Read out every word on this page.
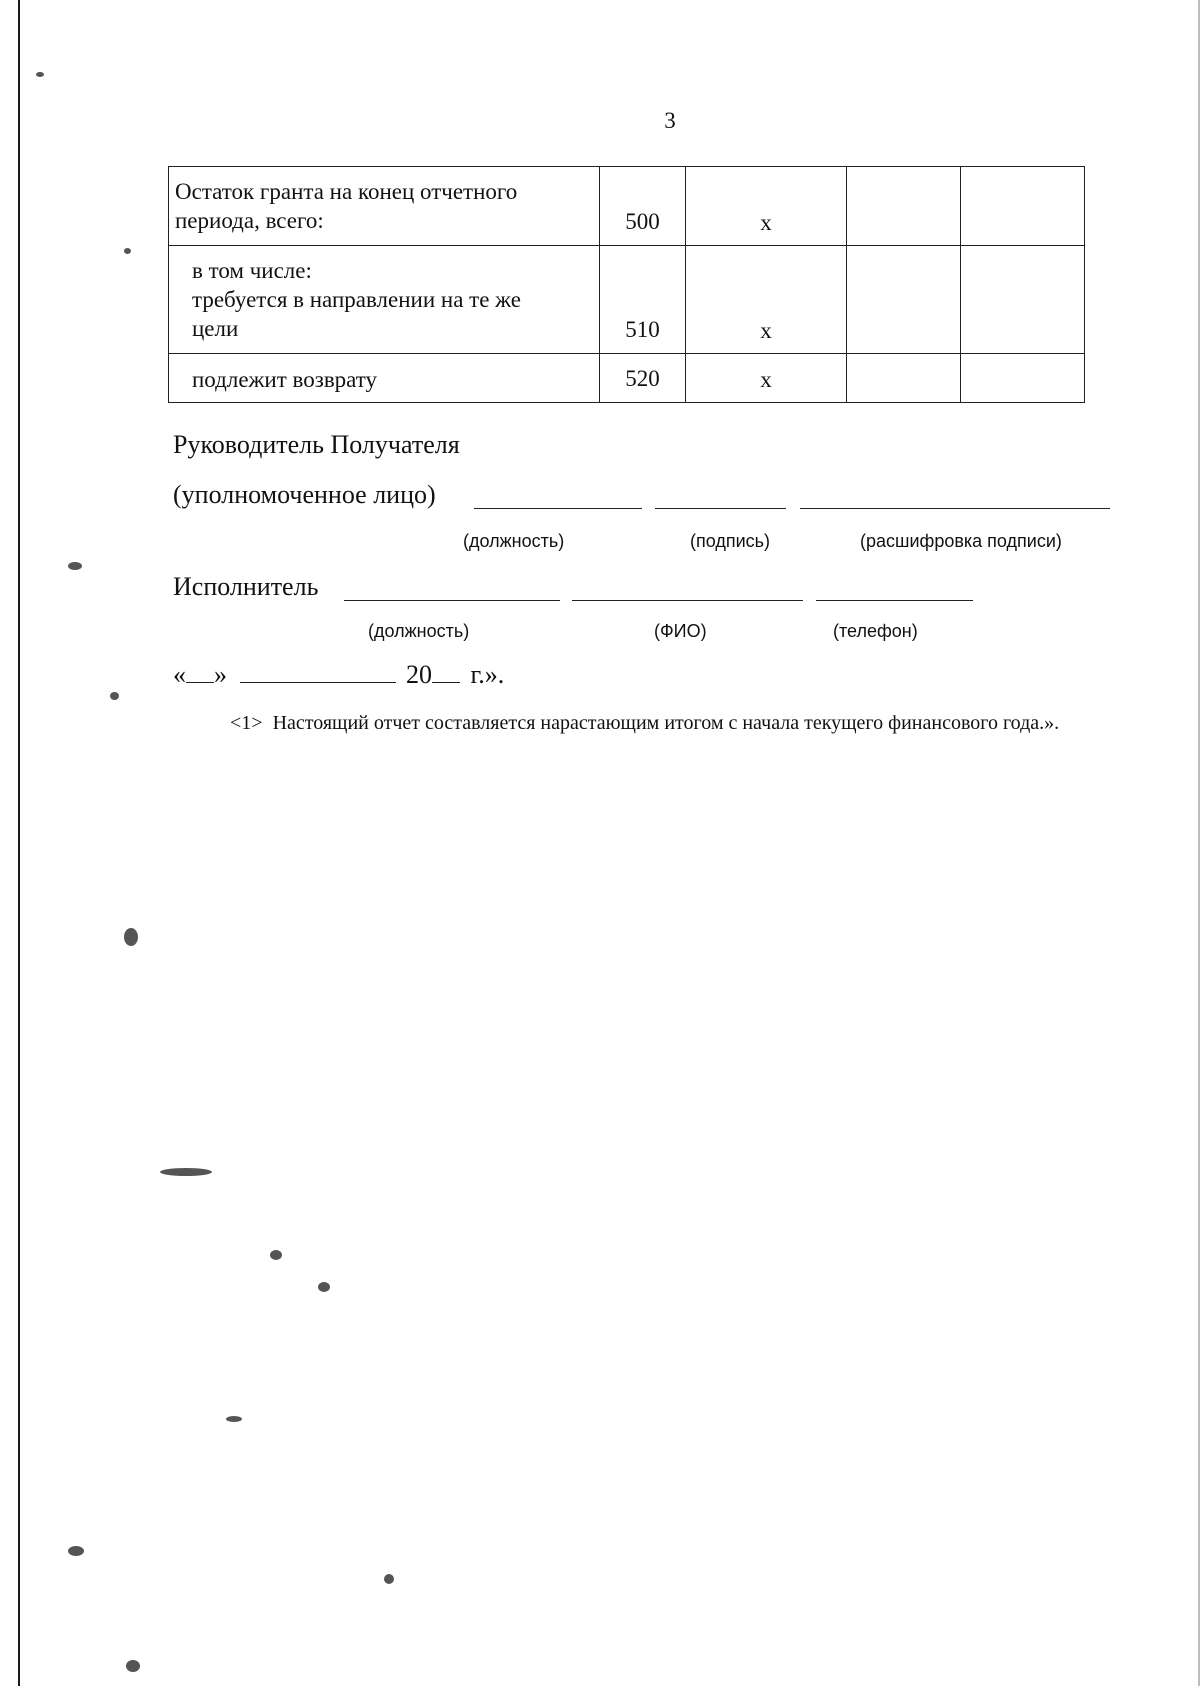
3
Остаток гранта на конец отчетного
периода, всего:	500	x		

в том числе:
требуется в направлении на те же
цели	510	x		

подлежит возврату	520	x		
Руководитель Получателя
(уполномоченное лицо)
(должность)	(подпись)	(расшифровка подписи)
Исполнитель
(должность)	(ФИО)	(телефон)
« »	20 г.».
<1> Настоящий отчет составляется нарастающим итогом с начала текущего финансового года.».
